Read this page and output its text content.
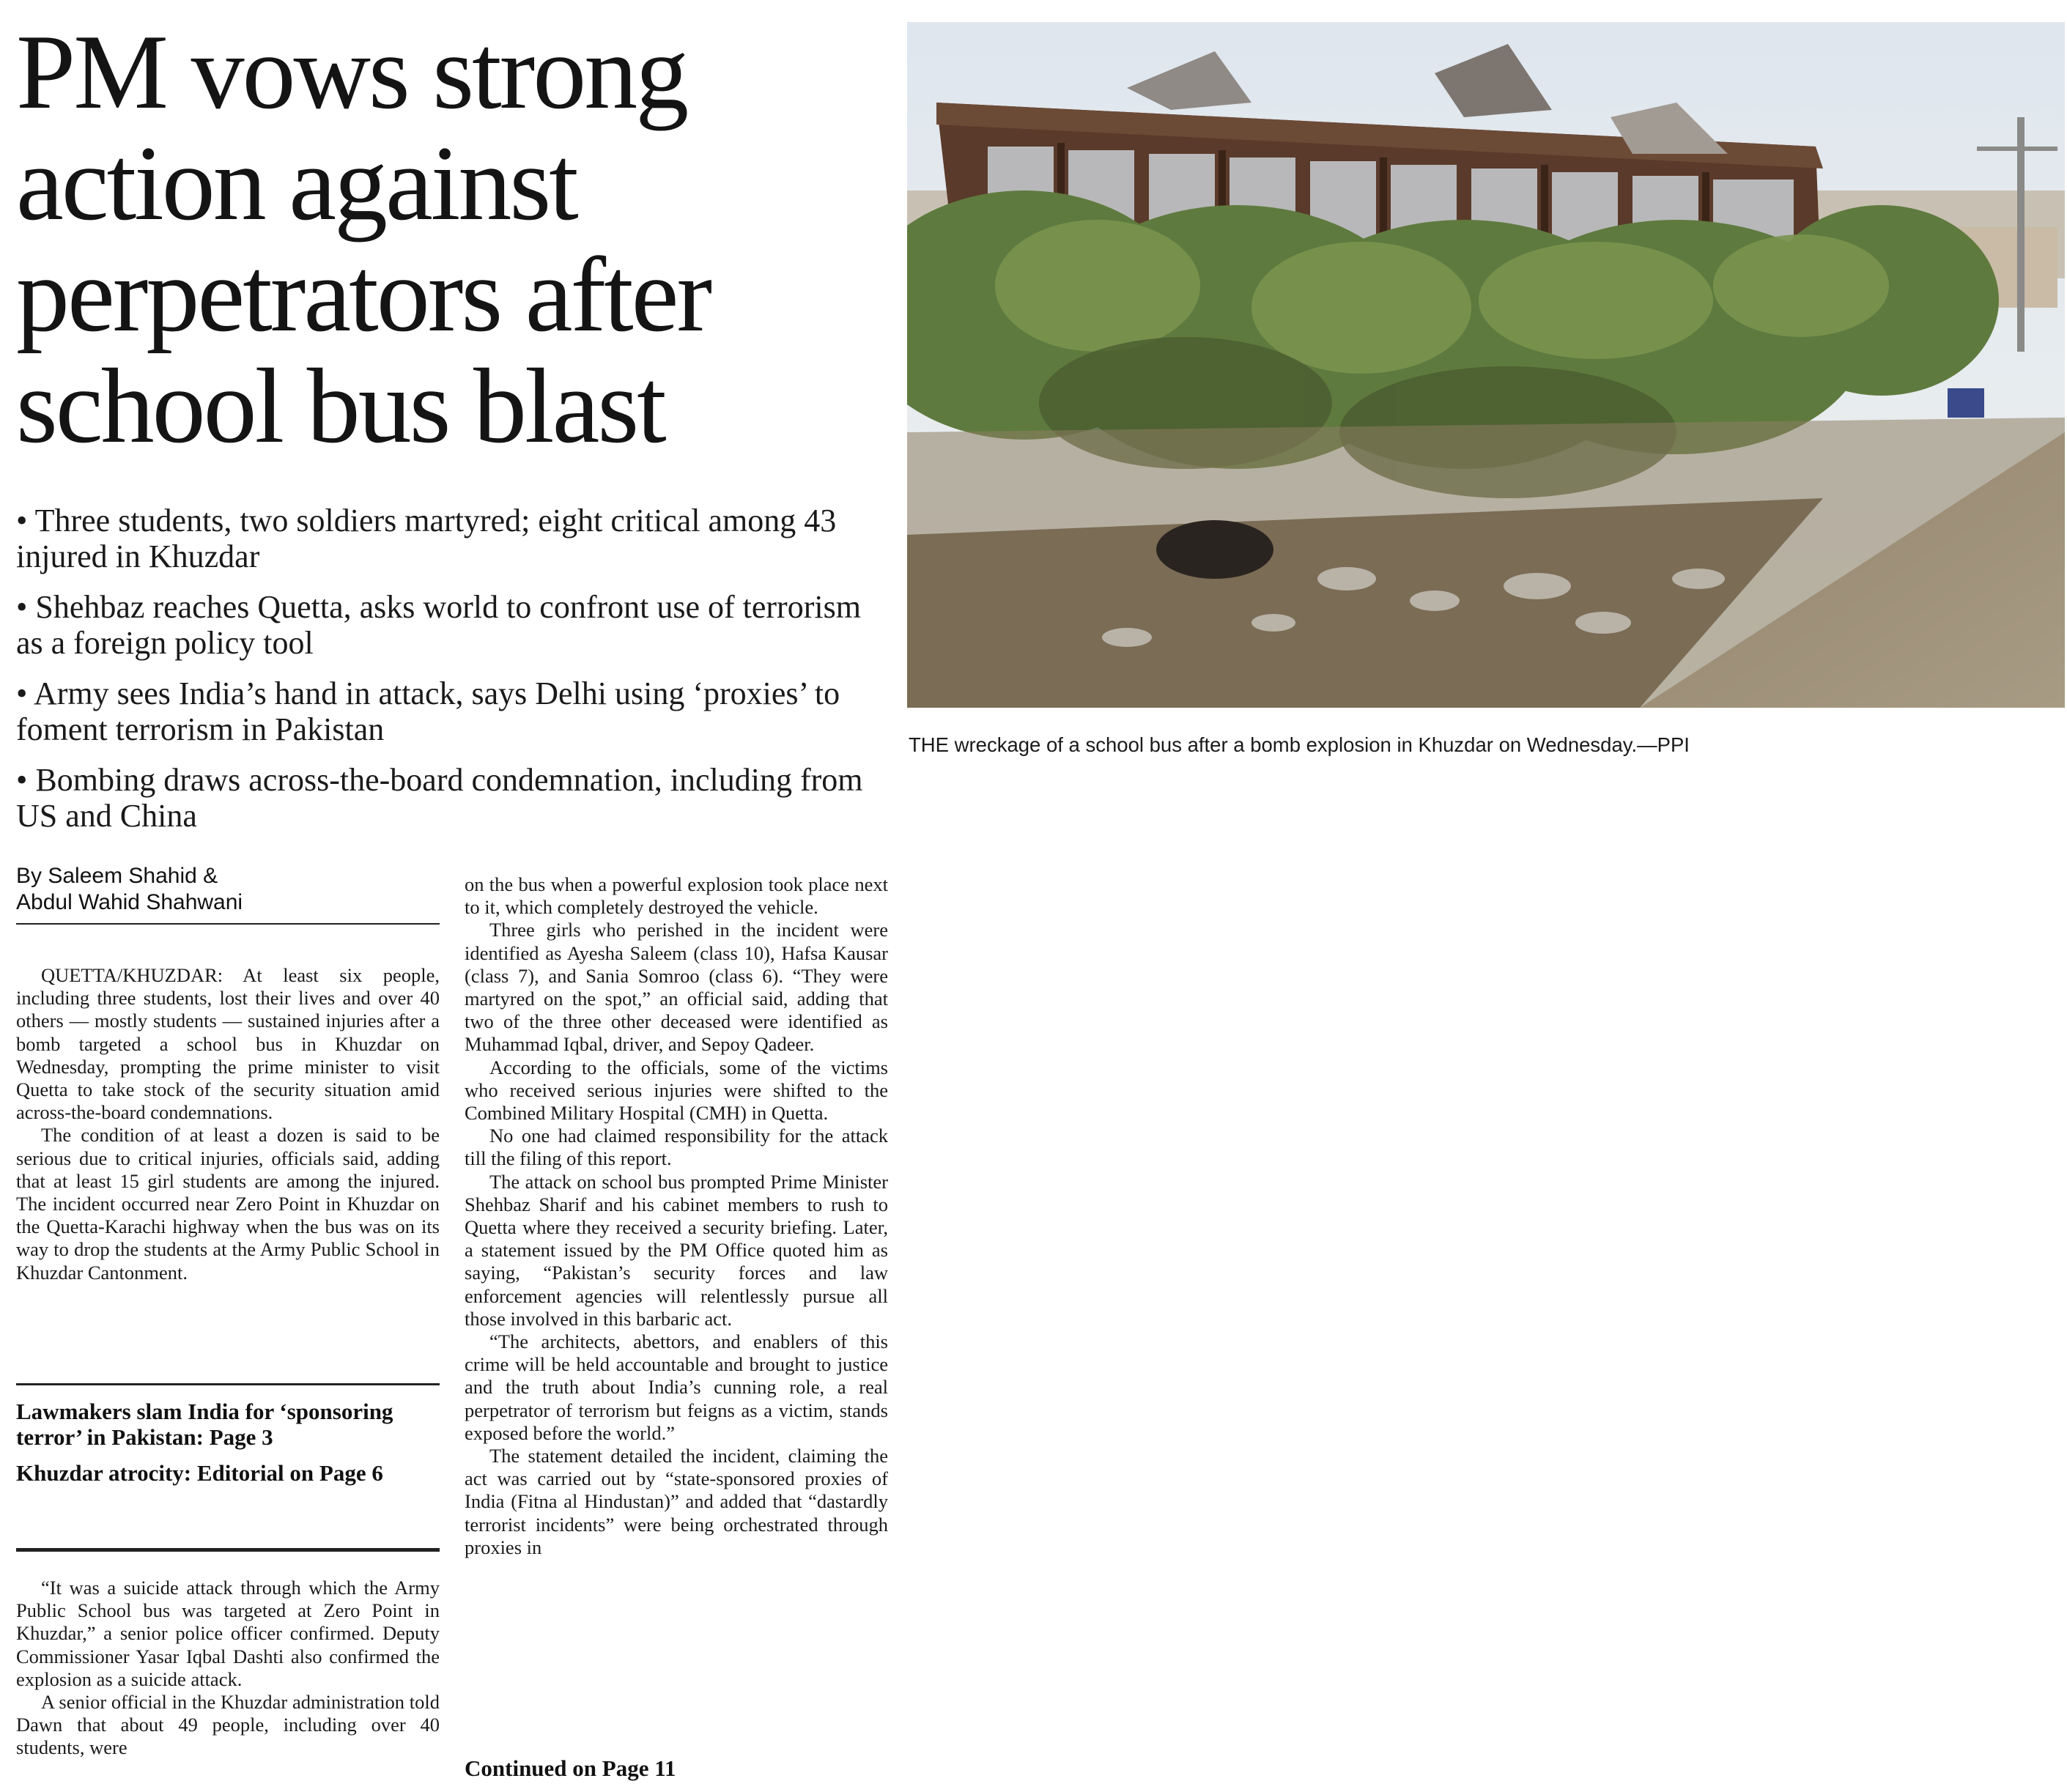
PM vows strong action against perpetrators after school bus blast
• Three students, two soldiers martyred; eight critical among 43 injured in Khuzdar
• Shehbaz reaches Quetta, asks world to confront use of terrorism as a foreign policy tool
• Army sees India’s hand in attack, says Delhi using ‘proxies’ to foment terrorism in Pakistan
• Bombing draws across-the-board condemnation, including from US and China
By Saleem Shahid &
Abdul Wahid Shahwani

QUETTA/KHUZDAR: At least six people, including three students, lost their lives and over 40 others — mostly students — sustained injuries after a bomb targeted a school bus in Khuzdar on Wednesday, prompting the prime minister to visit Quetta to take stock of the security situation amid across-the-board condemnations.

The condition of at least a dozen is said to be serious due to critical injuries, officials said, adding that at least 15 girl students are among the injured. The incident occurred near Zero Point in Khuzdar on the Quetta-Karachi highway when the bus was on its way to drop the students at the Army Public School in Khuzdar Cantonment.

Lawmakers slam India for ‘sponsoring terror’ in Pakistan: Page 3

Khuzdar atrocity: Editorial on Page 6

“It was a suicide attack through which the Army Public School bus was targeted at Zero Point in Khuzdar,” a senior police officer confirmed. Deputy Commissioner Yasar Iqbal Dashti also confirmed the explosion as a suicide attack.

A senior official in the Khuzdar administration told Dawn that about 49 people, including over 40 students, were

on the bus when a powerful explosion took place next to it, which completely destroyed the vehicle.

Three girls who perished in the incident were identified as Ayesha Saleem (class 10), Hafsa Kausar (class 7), and Sania Somroo (class 6). “They were martyred on the spot,” an official said, adding that two of the three other deceased were identified as Muhammad Iqbal, driver, and Sepoy Qadeer.

According to the officials, some of the victims who received serious injuries were shifted to the Combined Military Hospital (CMH) in Quetta.

No one had claimed responsibility for the attack till the filing of this report.

The attack on school bus prompted Prime Minister Shehbaz Sharif and his cabinet members to rush to Quetta where they received a security briefing. Later, a statement issued by the PM Office quoted him as saying, “Pakistan’s security forces and law enforcement agencies will relentlessly pursue all those involved in this barbaric act.

“The architects, abettors, and enablers of this crime will be held accountable and brought to justice and the truth about India’s cunning role, a real perpetrator of terrorism but feigns as a victim, stands exposed before the world.”

The statement detailed the incident, claiming the act was carried out by “state-sponsored proxies of India (Fitna al Hindustan)” and added that “dastardly terrorist incidents” were being orchestrated through proxies in

Continued on Page 11
THE wreckage of a school bus after a bomb explosion in Khuzdar on Wednesday.—PPI
